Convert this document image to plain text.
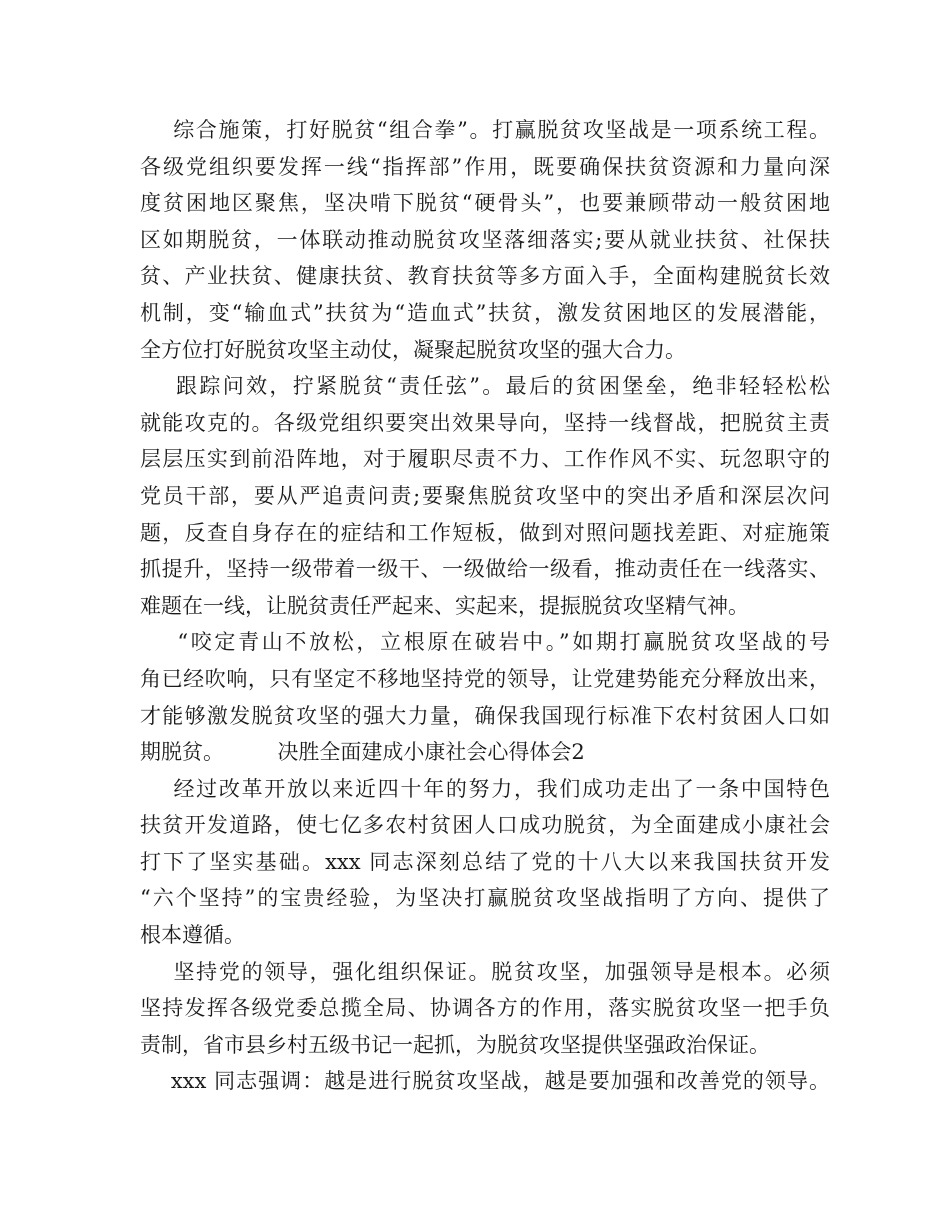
综合施策，打好脱贫“组合拳”。打赢脱贫攻坚战是一项系统工程。
各级党组织要发挥一线“指挥部”作用，既要确保扶贫资源和力量向深
度贫困地区聚焦，坚决啃下脱贫“硬骨头”，也要兼顾带动一般贫困地
区如期脱贫，一体联动推动脱贫攻坚落细落实;要从就业扶贫、社保扶
贫、产业扶贫、健康扶贫、教育扶贫等多方面入手，全面构建脱贫长效
机制，变“输血式”扶贫为“造血式”扶贫，激发贫困地区的发展潜能，
全方位打好脱贫攻坚主动仗，凝聚起脱贫攻坚的强大合力。
跟踪问效，拧紧脱贫“责任弦”。最后的贫困堡垒，绝非轻轻松松
就能攻克的。各级党组织要突出效果导向，坚持一线督战，把脱贫主责
层层压实到前沿阵地，对于履职尽责不力、工作作风不实、玩忽职守的
党员干部，要从严追责问责;要聚焦脱贫攻坚中的突出矛盾和深层次问
题，反查自身存在的症结和工作短板，做到对照问题找差距、对症施策
抓提升，坚持一级带着一级干、一级做给一级看，推动责任在一线落实、
难题在一线，让脱贫责任严起来、实起来，提振脱贫攻坚精气神。
“咬定青山不放松，立根原在破岩中。”如期打赢脱贫攻坚战的号
角已经吹响，只有坚定不移地坚持党的领导，让党建势能充分释放出来，
才能够激发脱贫攻坚的强大力量，确保我国现行标准下农村贫困人口如
期脱贫。        决胜全面建成小康社会心得体会2
经过改革开放以来近四十年的努力，我们成功走出了一条中国特色
扶贫开发道路，使七亿多农村贫困人口成功脱贫，为全面建成小康社会
打下了坚实基础。xxx 同志深刻总结了党的十八大以来我国扶贫开发
“六个坚持”的宝贵经验，为坚决打赢脱贫攻坚战指明了方向、提供了
根本遵循。
坚持党的领导，强化组织保证。脱贫攻坚，加强领导是根本。必须
坚持发挥各级党委总揽全局、协调各方的作用，落实脱贫攻坚一把手负
责制，省市县乡村五级书记一起抓，为脱贫攻坚提供坚强政治保证。
xxx 同志强调：越是进行脱贫攻坚战，越是要加强和改善党的领导。
